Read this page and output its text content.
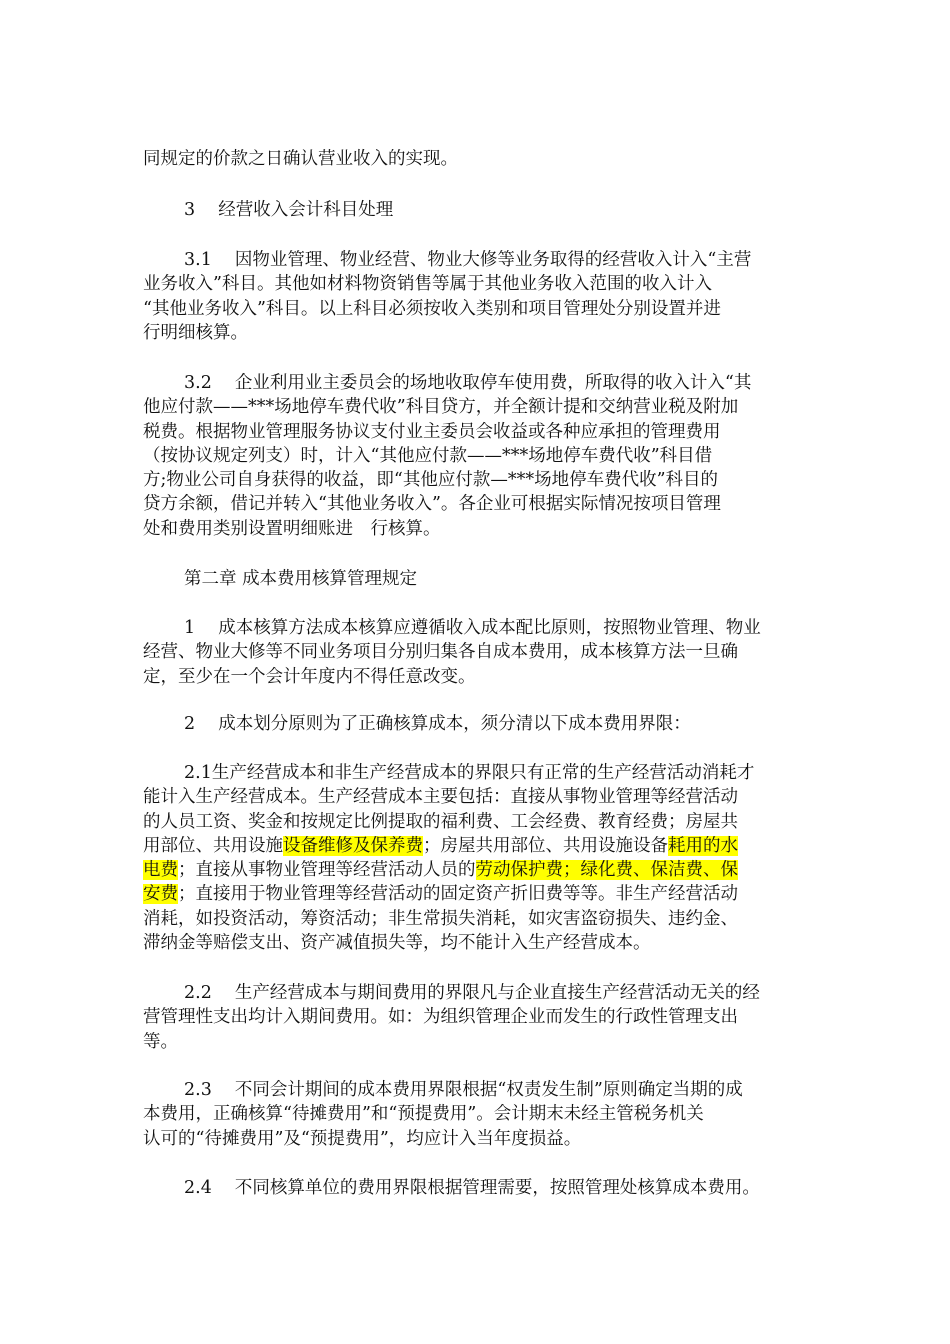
同规定的价款之日确认营业收入的实现。

3　 经营收入会计科目处理

3.1　 因物业管理、物业经营、物业大修等业务取得的经营收入计入“主营
业务收入”科目。其他如材料物资销售等属于其他业务收入范围的收入计入
“其他业务收入”科目。以上科目必须按收入类别和项目管理处分别设置并进
行明细核算。

3.2　 企业利用业主委员会的场地收取停车使用费，所取得的收入计入“其
他应付款——***场地停车费代收”科目贷方，并全额计提和交纳营业税及附加
税费。根据物业管理服务协议支付业主委员会收益或各种应承担的管理费用
（按协议规定列支）时，计入“其他应付款——***场地停车费代收”科目借
方;物业公司自身获得的收益，即“其他应付款—***场地停车费代收”科目的
贷方余额，借记并转入“其他业务收入”。各企业可根据实际情况按项目管理
处和费用类别设置明细账进　行核算。

第二章 成本费用核算管理规定

1　 成本核算方法成本核算应遵循收入成本配比原则，按照物业管理、物业
经营、物业大修等不同业务项目分别归集各自成本费用，成本核算方法一旦确
定，至少在一个会计年度内不得任意改变。

2　 成本划分原则为了正确核算成本，须分清以下成本费用界限：

2.1生产经营成本和非生产经营成本的界限只有正常的生产经营活动消耗才
能计入生产经营成本。生产经营成本主要包括：直接从事物业管理等经营活动
的人员工资、奖金和按规定比例提取的福利费、工会经费、教育经费；房屋共
用部位、共用设施设备维修及保养费；房屋共用部位、共用设施设备耗用的水
电费；直接从事物业管理等经营活动人员的劳动保护费；绿化费、保洁费、保
安费；直接用于物业管理等经营活动的固定资产折旧费等等。非生产经营活动
消耗，如投资活动，筹资活动；非生常损失消耗，如灾害盗窃损失、违约金、
滞纳金等赔偿支出、资产减值损失等，均不能计入生产经营成本。

2.2　 生产经营成本与期间费用的界限凡与企业直接生产经营活动无关的经
营管理性支出均计入期间费用。如：为组织管理企业而发生的行政性管理支出
等。

2.3　 不同会计期间的成本费用界限根据“权责发生制”原则确定当期的成
本费用，正确核算“待摊费用”和“预提费用”。会计期末未经主管税务机关
认可的“待摊费用”及“预提费用”，均应计入当年度损益。

2.4　 不同核算单位的费用界限根据管理需要，按照管理处核算成本费用。
